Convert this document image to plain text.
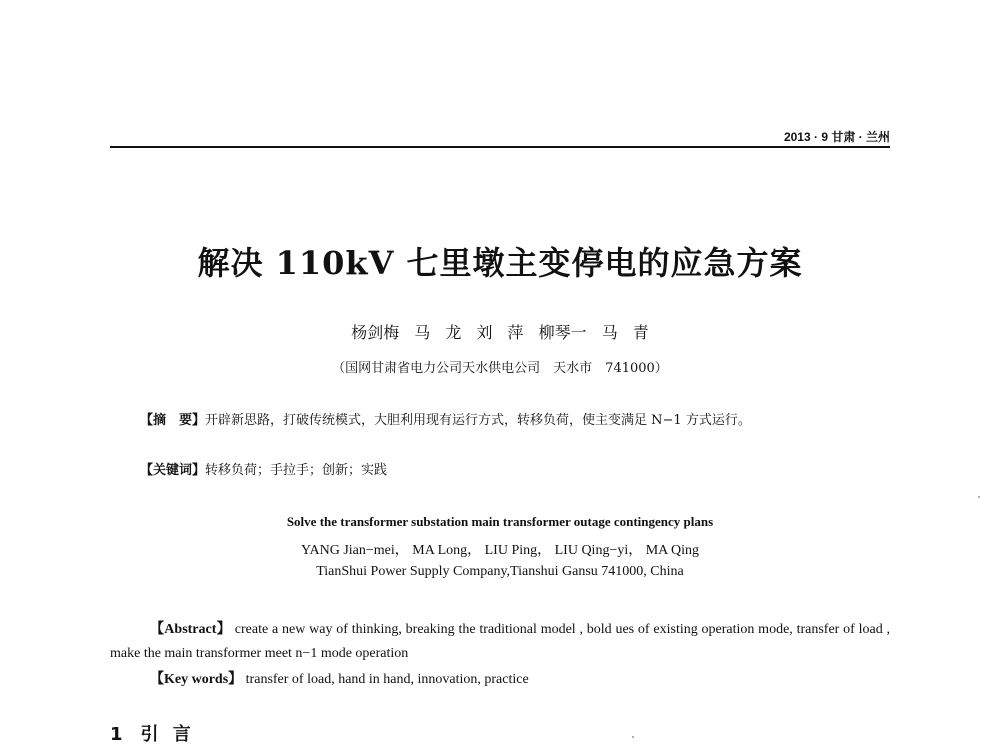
2013 · 9 甘肃 · 兰州
解决 110kV 七里墩主变停电的应急方案
杨剑梅 马 龙 刘 萍 柳琴一 马 青
（国网甘肃省电力公司天水供电公司　天水市　741000）
【摘　要】开辟新思路，打破传统模式，大胆利用现有运行方式，转移负荷，使主变满足 N−1 方式运行。
【关键词】转移负荷；手拉手；创新；实践
Solve the transformer substation main transformer outage contingency plans
YANG Jian−mei， MA Long， LIU Ping， LIU Qing−yi， MA Qing
TianShui Power Supply Company,Tianshui Gansu 741000, China
【Abstract】 create a new way of thinking, breaking the traditional model , bold ues of existing operation mode, transfer of load , make the main transformer meet n−1 mode operation
【Key words】 transfer of load, hand in hand, innovation, practice
1　引 言
